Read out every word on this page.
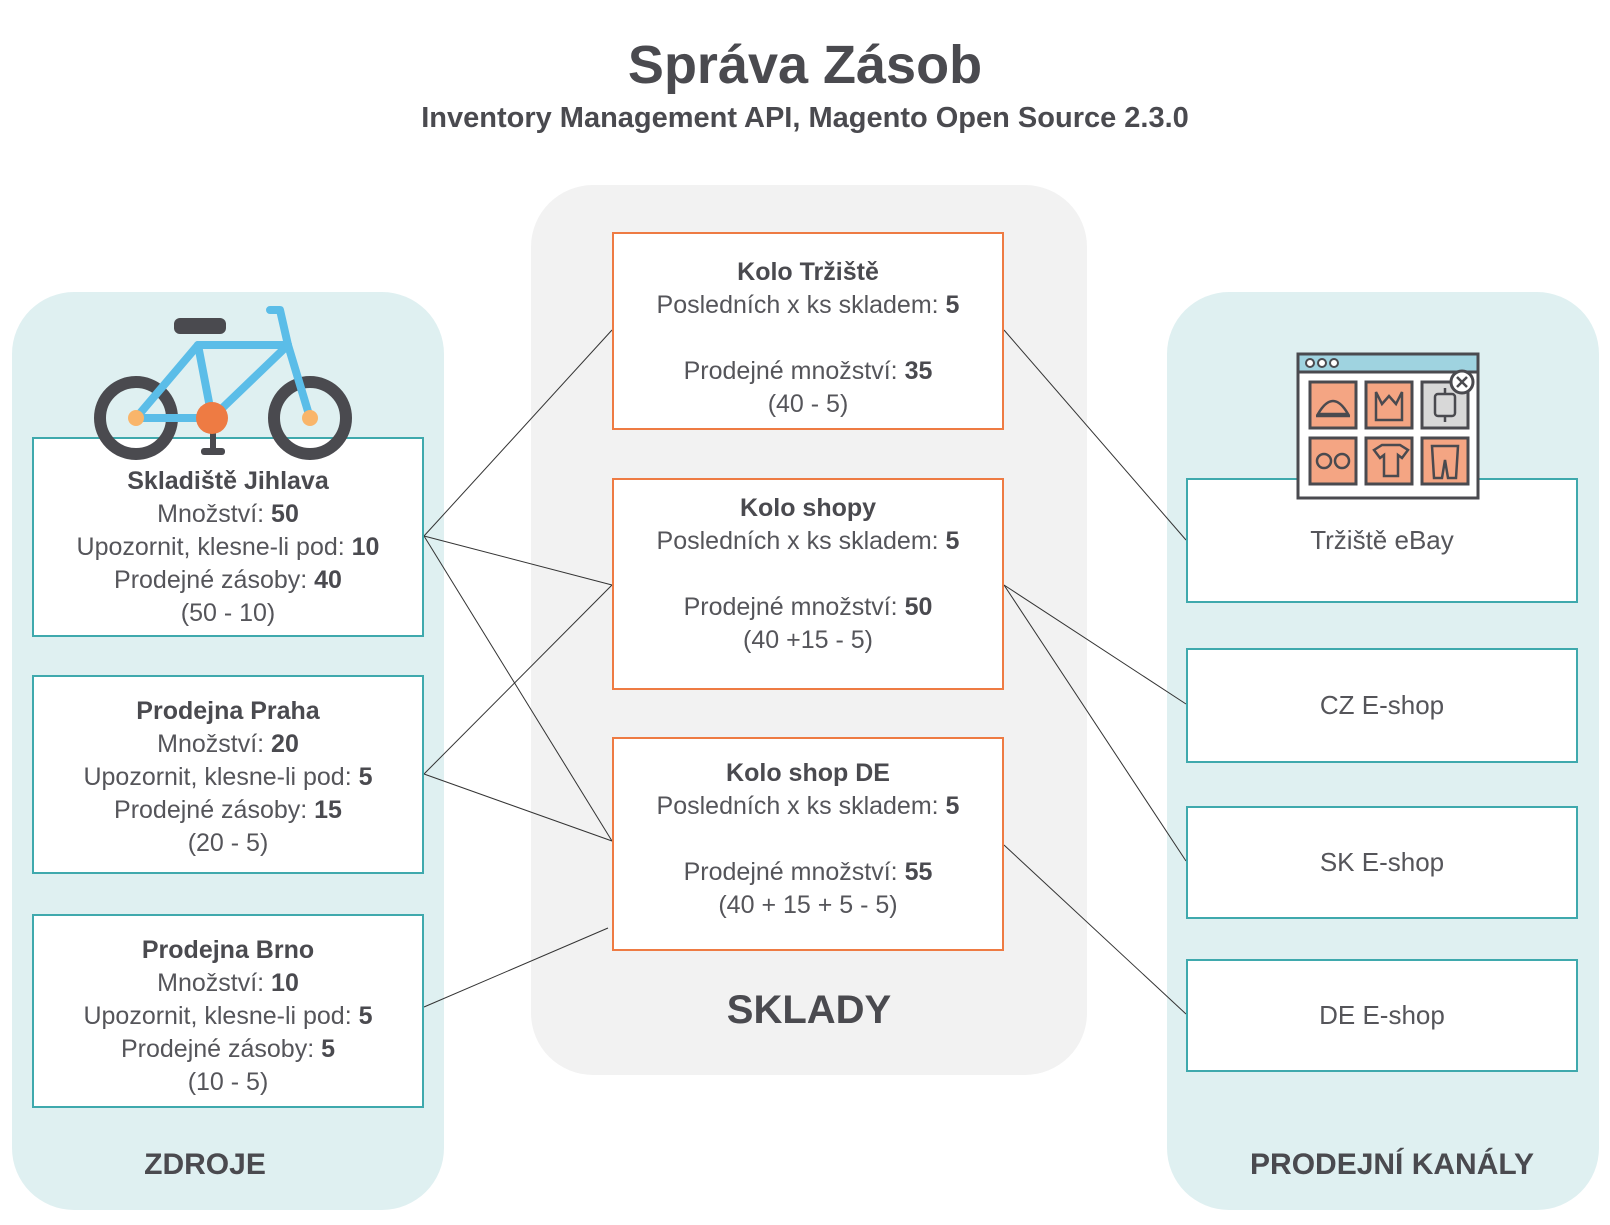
Správa Zásob
Inventory Management API, Magento Open Source 2.3.0
Skladiště Jihlava
Množství: 50
Upozornit, klesne-li pod: 10
Prodejné zásoby: 40
(50 - 10)
Prodejna Praha
Množství: 20
Upozornit, klesne-li pod: 5
Prodejné zásoby: 15
(20 - 5)
Prodejna Brno
Množství: 10
Upozornit, klesne-li pod: 5
Prodejné zásoby: 5
(10 - 5)
Kolo Tržiště
Posledních x ks skladem: 5
Prodejné množství: 35
(40 - 5)
Kolo shopy
Posledních x ks skladem: 5
Prodejné množství: 50
(40 +15 - 5)
Kolo shop DE
Posledních x ks skladem: 5
Prodejné množství: 55
(40 + 15 + 5 - 5)
Tržiště eBay
CZ E-shop
SK E-shop
DE E-shop
ZDROJE
SKLADY
PRODEJNÍ KANÁLY
